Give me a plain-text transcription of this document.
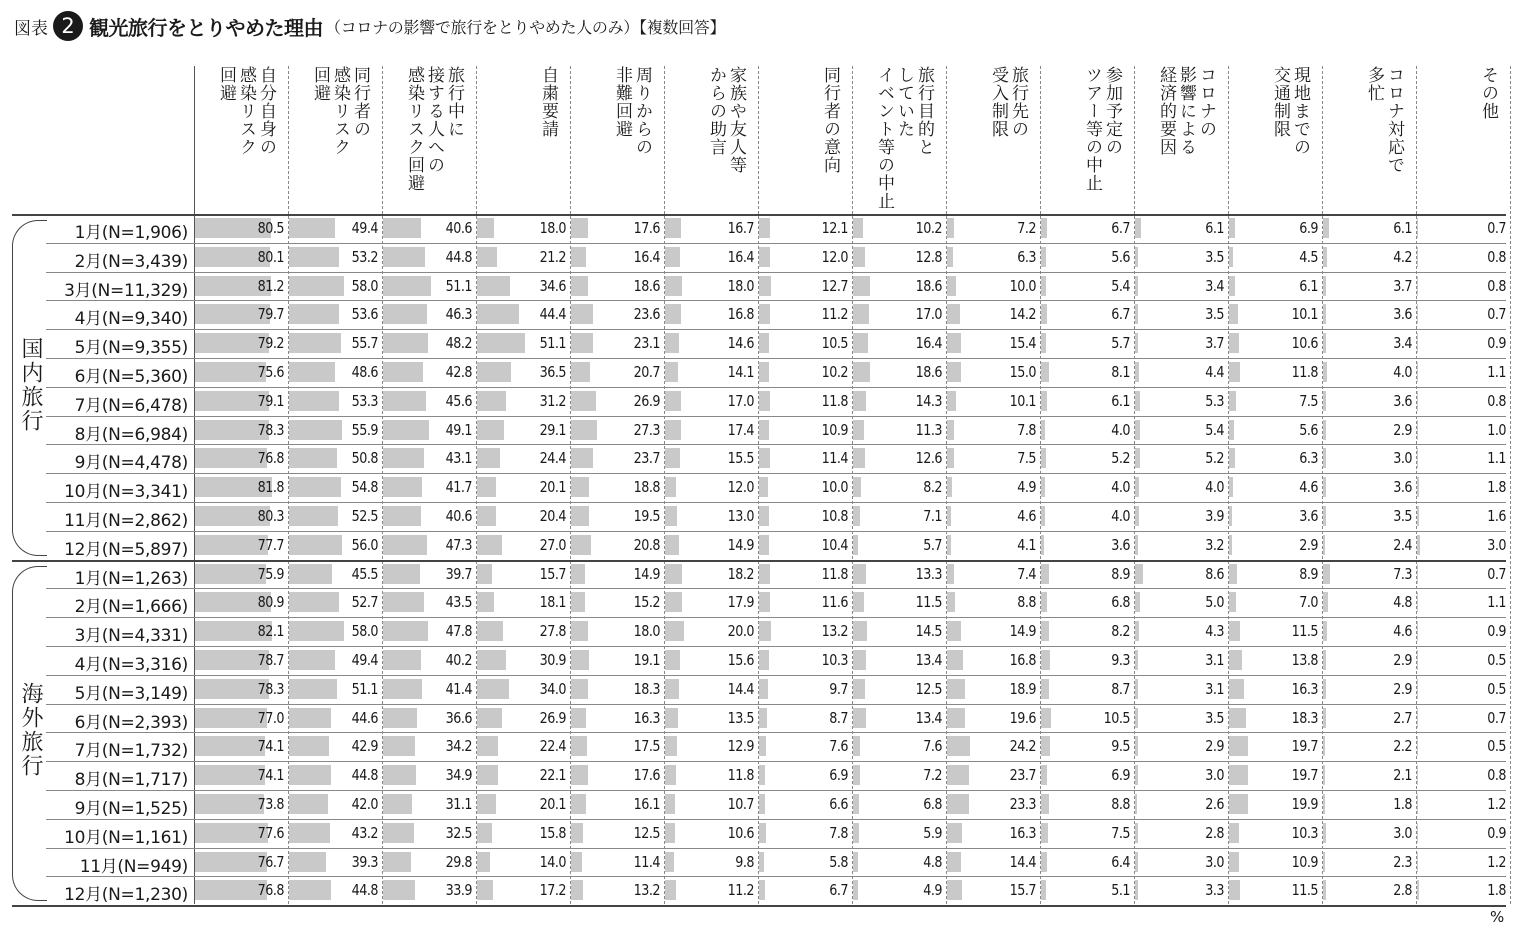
図表 2 観光旅行をとりやめた理由 （コロナの影響で旅行をとりやめた人のみ）【複数回答】
自分自身の
感染リスク
回避	同行者の
感染リスク
回避	旅行中に
接する人への
感染リスク回避	自粛要請	周りからの
非難回避	家族や友人等
からの助言	同行者の意向	旅行目的と
していた
イベント等の中止	旅行先の
受入制限	参加予定の
ツアー等の中止	コロナの
影響による
経済的要因	現地までの
交通制限	コロナ対応で
多忙	その他
国内旅行
1月(N=1,906)	80.5	49.4	40.6	18.0	17.6	16.7	12.1	10.2	7.2	6.7	6.1	6.9	6.1	0.7
2月(N=3,439)	80.1	53.2	44.8	21.2	16.4	16.4	12.0	12.8	6.3	5.6	3.5	4.5	4.2	0.8
3月(N=11,329)	81.2	58.0	51.1	34.6	18.6	18.0	12.7	18.6	10.0	5.4	3.4	6.1	3.7	0.8
4月(N=9,340)	79.7	53.6	46.3	44.4	23.6	16.8	11.2	17.0	14.2	6.7	3.5	10.1	3.6	0.7
5月(N=9,355)	79.2	55.7	48.2	51.1	23.1	14.6	10.5	16.4	15.4	5.7	3.7	10.6	3.4	0.9
6月(N=5,360)	75.6	48.6	42.8	36.5	20.7	14.1	10.2	18.6	15.0	8.1	4.4	11.8	4.0	1.1
7月(N=6,478)	79.1	53.3	45.6	31.2	26.9	17.0	11.8	14.3	10.1	6.1	5.3	7.5	3.6	0.8
8月(N=6,984)	78.3	55.9	49.1	29.1	27.3	17.4	10.9	11.3	7.8	4.0	5.4	5.6	2.9	1.0
9月(N=4,478)	76.8	50.8	43.1	24.4	23.7	15.5	11.4	12.6	7.5	5.2	5.2	6.3	3.0	1.1
10月(N=3,341)	81.8	54.8	41.7	20.1	18.8	12.0	10.0	8.2	4.9	4.0	4.0	4.6	3.6	1.8
11月(N=2,862)	80.3	52.5	40.6	20.4	19.5	13.0	10.8	7.1	4.6	4.0	3.9	3.6	3.5	1.6
12月(N=5,897)	77.7	56.0	47.3	27.0	20.8	14.9	10.4	5.7	4.1	3.6	3.2	2.9	2.4	3.0
海外旅行
1月(N=1,263)	75.9	45.5	39.7	15.7	14.9	18.2	11.8	13.3	7.4	8.9	8.6	8.9	7.3	0.7
2月(N=1,666)	80.9	52.7	43.5	18.1	15.2	17.9	11.6	11.5	8.8	6.8	5.0	7.0	4.8	1.1
3月(N=4,331)	82.1	58.0	47.8	27.8	18.0	20.0	13.2	14.5	14.9	8.2	4.3	11.5	4.6	0.9
4月(N=3,316)	78.7	49.4	40.2	30.9	19.1	15.6	10.3	13.4	16.8	9.3	3.1	13.8	2.9	0.5
5月(N=3,149)	78.3	51.1	41.4	34.0	18.3	14.4	9.7	12.5	18.9	8.7	3.1	16.3	2.9	0.5
6月(N=2,393)	77.0	44.6	36.6	26.9	16.3	13.5	8.7	13.4	19.6	10.5	3.5	18.3	2.7	0.7
7月(N=1,732)	74.1	42.9	34.2	22.4	17.5	12.9	7.6	7.6	24.2	9.5	2.9	19.7	2.2	0.5
8月(N=1,717)	74.1	44.8	34.9	22.1	17.6	11.8	6.9	7.2	23.7	6.9	3.0	19.7	2.1	0.8
9月(N=1,525)	73.8	42.0	31.1	20.1	16.1	10.7	6.6	6.8	23.3	8.8	2.6	19.9	1.8	1.2
10月(N=1,161)	77.6	43.2	32.5	15.8	12.5	10.6	7.8	5.9	16.3	7.5	2.8	10.3	3.0	0.9
11月(N=949)	76.7	39.3	29.8	14.0	11.4	9.8	5.8	4.8	14.4	6.4	3.0	10.9	2.3	1.2
12月(N=1,230)	76.8	44.8	33.9	17.2	13.2	11.2	6.7	4.9	15.7	5.1	3.3	11.5	2.8	1.8
%
